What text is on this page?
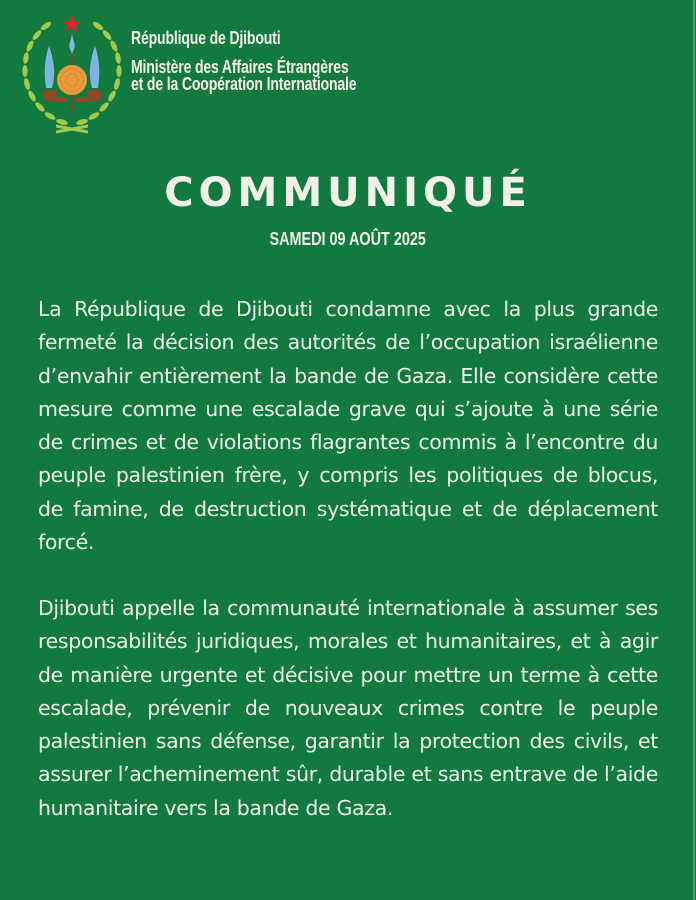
République de Djibouti
Ministère des Affaires Étrangères
et de la Coopération Internationale
COMMUNIQUÉ
SAMEDI 09 AOÛT 2025
La République de Djibouti condamne avec la plus grande fermeté la décision des autorités de l’occupation israélienne d’envahir entièrement la bande de Gaza. Elle considère cette mesure comme une escalade grave qui s’ajoute à une série de crimes et de violations flagrantes commis à l’encontre du peuple palestinien frère, y compris les politiques de blocus, de famine, de destruction systématique et de déplacement forcé.
Djibouti appelle la communauté internationale à assumer ses responsabilités juridiques, morales et humanitaires, et à agir de manière urgente et décisive pour mettre un terme à cette escalade, prévenir de nouveaux crimes contre le peuple palestinien sans défense, garantir la protection des civils, et assurer l’acheminement sûr, durable et sans entrave de l’aide humanitaire vers la bande de Gaza.
